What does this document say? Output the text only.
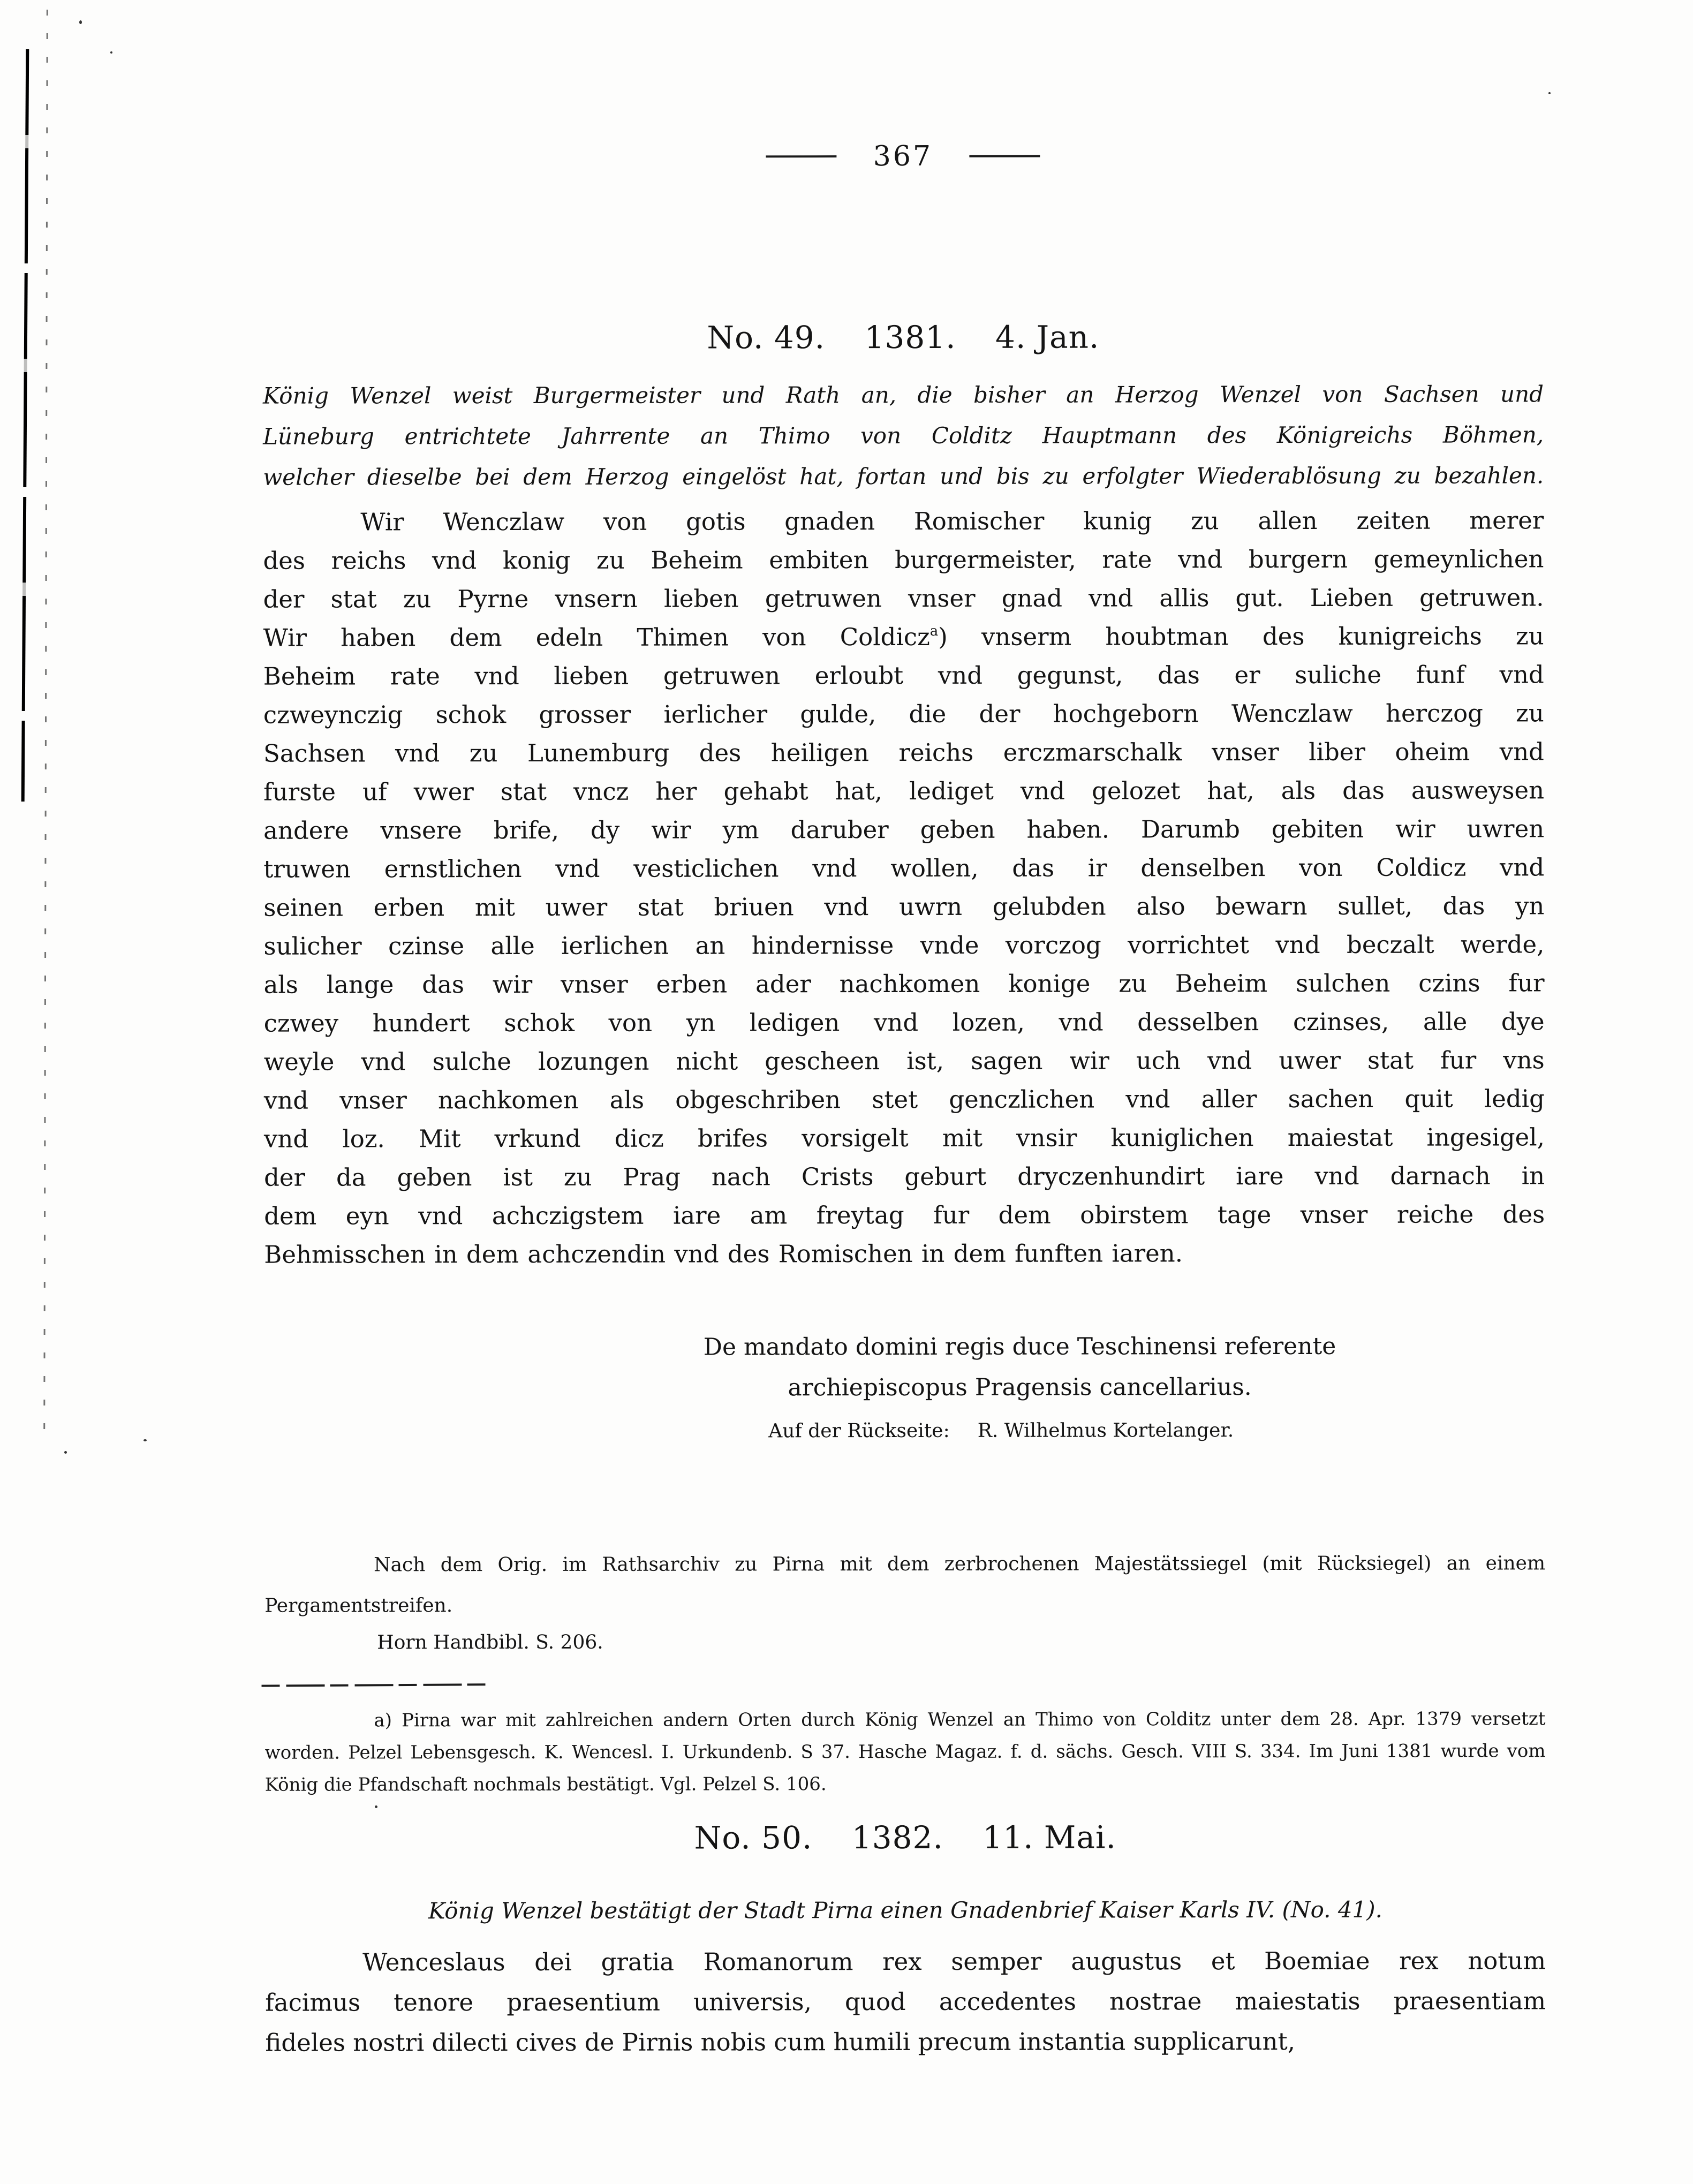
367
No. 49. 1381. 4. Jan.
König Wenzel weist Burgermeister und Rath an, die bisher an Herzog Wenzel von Sachsen und
Lüneburg entrichtete Jahrrente an Thimo von Colditz Hauptmann des Königreichs Böhmen,
welcher dieselbe bei dem Herzog eingelöst hat, fortan und bis zu erfolgter Wiederablösung zu bezahlen.
Wir Wenczlaw von gotis gnaden Romischer kunig zu allen zeiten merer
des reichs vnd konig zu Beheim embiten burgermeister, rate vnd burgern gemeynlichen
der stat zu Pyrne vnsern lieben getruwen vnser gnad vnd allis gut. Lieben getruwen.
Wir haben dem edeln Thimen von Coldicz$^a$) vnserm houbtman des kunigreichs zu
Beheim rate vnd lieben getruwen erloubt vnd gegunst, das er suliche funf vnd
czweynczig schok grosser ierlicher gulde, die der hochgeborn Wenczlaw herczog zu
Sachsen vnd zu Lunemburg des heiligen reichs erczmarschalk vnser liber oheim vnd
furste uf vwer stat vncz her gehabt hat, lediget vnd gelozet hat, als das ausweysen
andere vnsere brife, dy wir ym daruber geben haben. Darumb gebiten wir uwren
truwen ernstlichen vnd vesticlichen vnd wollen, das ir denselben von Coldicz vnd
seinen erben mit uwer stat briuen vnd uwrn gelubden also bewarn sullet, das yn
sulicher czinse alle ierlichen an hindernisse vnde vorczog vorrichtet vnd beczalt werde,
als lange das wir vnser erben ader nachkomen konige zu Beheim sulchen czins fur
czwey hundert schok von yn ledigen vnd lozen, vnd desselben czinses, alle dye
weyle vnd sulche lozungen nicht gescheen ist, sagen wir uch vnd uwer stat fur vns
vnd vnser nachkomen als obgeschriben stet genczlichen vnd aller sachen quit ledig
vnd loz. Mit vrkund dicz brifes vorsigelt mit vnsir kuniglichen maiestat ingesigel,
der da geben ist zu Prag nach Crists geburt dryczenhundirt iare vnd darnach in
dem eyn vnd achczigstem iare am freytag fur dem obirstem tage vnser reiche des
Behmisschen in dem achczendin vnd des Romischen in dem funften iaren.
De mandato domini regis duce Teschinensi referente
archiepiscopus Pragensis cancellarius.
Auf der Rückseite: R. Wilhelmus Kortelanger.
Nach dem Orig. im Rathsarchiv zu Pirna mit dem zerbrochenen Majestätssiegel (mit Rücksiegel) an einem
Pergamentstreifen.
Horn Handbibl. S. 206.
a) Pirna war mit zahlreichen andern Orten durch König Wenzel an Thimo von Colditz unter dem 28. Apr. 1379 versetzt
worden. Pelzel Lebensgesch. K. Wencesl. I. Urkundenb. S 37. Hasche Magaz. f. d. sächs. Gesch. VIII S. 334. Im Juni 1381 wurde vom
König die Pfandschaft nochmals bestätigt. Vgl. Pelzel S. 106.
No. 50. 1382. 11. Mai.
König Wenzel bestätigt der Stadt Pirna einen Gnadenbrief Kaiser Karls IV. (No. 41).
Wenceslaus dei gratia Romanorum rex semper augustus et Boemiae rex notum
facimus tenore praesentium universis, quod accedentes nostrae maiestatis praesentiam
fideles nostri dilecti cives de Pirnis nobis cum humili precum instantia supplicarunt,
